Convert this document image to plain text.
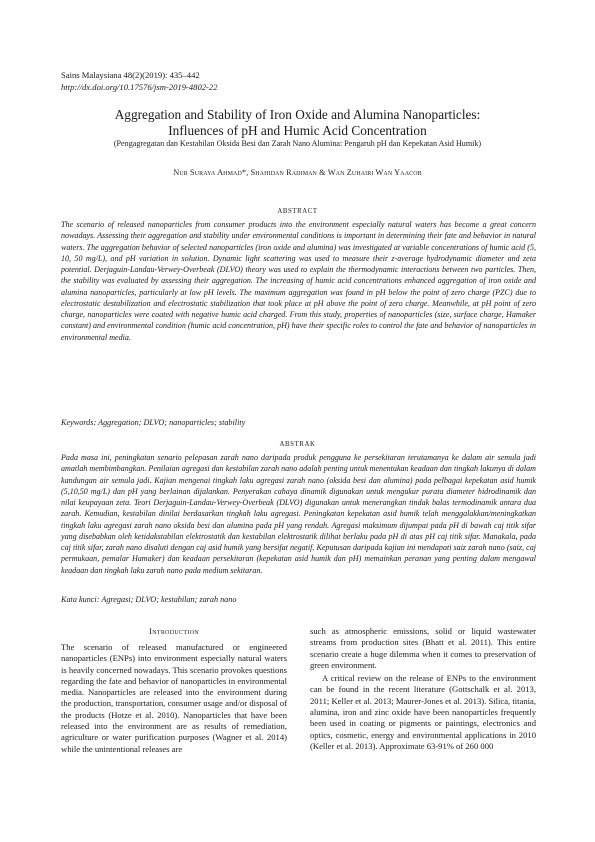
Sains Malaysiana 48(2)(2019): 435–442
http://dx.doi.org/10.17576/jsm-2019-4802-22
Aggregation and Stability of Iron Oxide and Alumina Nanoparticles:
Influences of pH and Humic Acid Concentration
(Pengagregatan dan Kestabilan Oksida Besi dan Zarah Nano Alumina: Pengaruh pH dan Kepekatan Asid Humik)
Nur Suraya Ahmad*, Shahidan Radiman & Wan Zuhairi Wan Yaacob
ABSTRACT
The scenario of released nanoparticles from consumer products into the environment especially natural waters has become a great concern nowadays. Assessing their aggregation and stability under environmental conditions is important in determining their fate and behavior in natural waters. The aggregation behavior of selected nanoparticles (iron oxide and alumina) was investigated at variable concentrations of humic acid (5, 10, 50 mg/L), and pH variation in solution. Dynamic light scattering was used to measure their z-average hydrodynamic diameter and zeta potential. Derjaguin-Landau-Verwey-Overbeak (DLVO) theory was used to explain the thermodynamic interactions between two particles. Then, the stability was evaluated by assessing their aggregation. The increasing of humic acid concentrations enhanced aggregation of iron oxide and alumina nanoparticles, particularly at low pH levels. The maximum aggregation was found in pH below the point of zero charge (PZC) due to electrostatic destabilization and electrostatic stabilization that took place at pH above the point of zero charge. Meanwhile, at pH point of zero charge, nanoparticles were coated with negative humic acid charged. From this study, properties of nanoparticles (size, surface charge, Hamaker constant) and environmental condition (humic acid concentration, pH) have their specific roles to control the fate and behavior of nanoparticles in environmental media.
Keywords: Aggregation; DLVO; nanoparticles; stability
ABSTRAK
Pada masa ini, peningkatan senario pelepasan zarah nano daripada produk pengguna ke persekitaran terutamanya ke dalam air semula jadi amatlah membimbangkan. Penilaian agregasi dan kestabilan zarah nano adalah penting untuk menentukan keadaan dan tingkah lakunya di dalam kandungan air semula jadi. Kajian mengenai tingkah laku agregasi zarah nano (oksida besi dan alumina) pada pelbagai kepekatan asid humik (5,10,50 mg/L) dan pH yang berlainan dijalankan. Penyerakan cahaya dinamik digunakan untuk mengukur purata diameter hidrodinamik dan nilai keupayaan zeta. Teori Derjaguin-Landau-Verwey-Overbeak (DLVO) digunakan untuk menerangkan tindak balas termodinamik antara dua zarah. Kemudian, kestabilan dinilai berdasarkan tingkah laku agregasi. Peningkatan kepekatan asid humik telah menggalakkan/meningkatkan tingkah laku agregasi zarah nano oksida besi dan alumina pada pH yang rendah. Agregasi maksimum dijumpai pada pH di bawah caj titik sifar yang disebabkan oleh ketidakstabilan elektrostatik dan kestabilan elektrostatik dilihat berlaku pada pH di atas pH caj titik sifar. Manakala, pada caj titik sifar, zarah nano disaluti dengan caj asid humik yang bersifat negatif. Keputusan daripada kajian ini mendapati saiz zarah nano (saiz, caj permukaan, pemalar Hamaker) dan keadaan persekitaran (kepekatan asid humik dan pH) memainkan peranan yang penting dalam mengawal keadaan dan tingkah laku zarah nano pada medium sekitaran.
Kata kunci: Agregasi; DLVO; kestabilan; zarah nano
Introduction

The scenario of released manufactured or engineered nanoparticles (ENPs) into environment especially natural waters is heavily concerned nowadays. This scenario provokes questions regarding the fate and behavior of nanoparticles in environmental media. Nanoparticles are released into the environment during the production, transportation, consumer usage and/or disposal of the products (Hotze et al. 2010). Nanoparticles that have been released into the environment are as results of remediation, agriculture or water purification purposes (Wagner et al. 2014) while the unintentional releases are

such as atmospheric emissions, solid or liquid wastewater streams from production sites (Bhatt et al. 2011). This entire scenario create a huge dilemma when it comes to preservation of green environment.

A critical review on the release of ENPs to the environment can be found in the recent literature (Gottschalk et al. 2013, 2011; Keller et al. 2013; Maurer-Jones et al. 2013). Silica, titania, alumina, iron and zinc oxide have been nanoparticles frequently been used in coating or pigments or paintings, electronics and optics, cosmetic, energy and environmental applications in 2010 (Keller et al. 2013). Approximate 63-91% of 260 000
